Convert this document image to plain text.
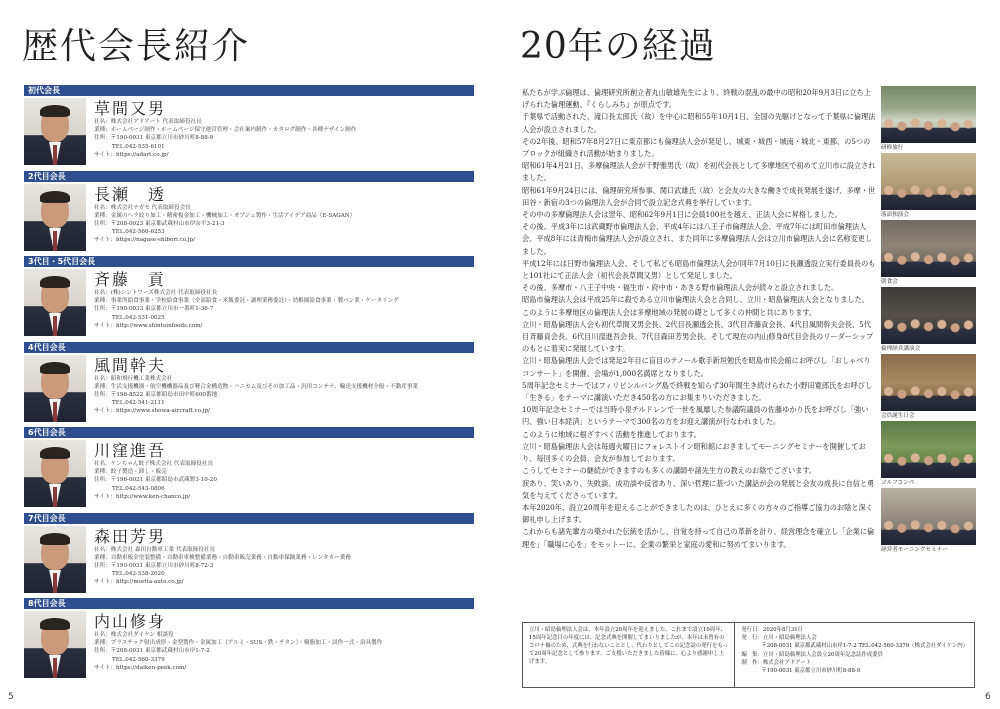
歴代会長紹介
初代会長
草間又男
社名：株式会社アドアート 代表取締役社長
業種：ホームページ制作・ホームページ保守運営管理・会社案内制作・カタログ制作・各種デザイン制作
住所：〒190-0031 東京都立川市砂川町8-88-9
TEL.042-535-6101
サイト：https://adart.co.jp/
2代目会長
長瀬　透
社名：株式会社ナガセ 代表取締役会長
業種：金属のヘラ絞り加工・精密板金加工・機械加工・オブジェ製作・生活アイデア商品（E-SAGAN）
住所：〒208-0023 東京都武蔵村山市伊奈平3-21-3
TEL.042-560-6253
サイト：https://nagase-shibori.co.jp/
3代目・5代目会長
斉藤　貢
社名：(株)シントワーズ株式会社 代表取締役社長
業種：事業所給食事業・学校給食事業（全部給食・米飯委託・調理業務委託）・幼稚園給食事業・製パン業・ケータリング
住所：〒190-0033 東京都立川市一番町1-36-7
TEL.042-531-0025
サイト：http://www.shintoinfoods.com/
4代目会長
風間幹夫
社名：昭和飛行機工業株式会社
業種：生活支援機器・航空機機器品及び軽合金構造物・ハニカム及びその加工品・汎用コンテナ、輸送支援機材全般・不動産事業
住所：〒196-8522 東京都昭島市田中町600番地
TEL.042-541-2111
サイト：https://www.showa-aircraft.co.jp/
6代目会長
川窪進吾
社名：ケンちゃん餃子株式会社 代表取締役社長
業種：餃子製造・卸し・販売
住所：〒196-0021 東京都昭島市武蔵野3-10-20
TEL.042-543-0806
サイト：http://www.ken-chanco.jp/
7代目会長
森田芳男
社名：株式会社 森田自動車工業 代表取締役社長
業種：自動車板金塗装整備・自動車車検整備業務・自動車販売業務・自動車保険業務・レンタカー業務
住所：〒190-0031 東京都立川市砂川町8-72-3
TEL.042-538-2020
サイト：http://morita-auto.co.jp/
8代目会長
内山修身
社名：株式会社ダイケン 相談役
業種：プラスチック射出成形・金型製作・金属加工（アルミ・SUS・鉄・チタン）・樹脂加工・試作一式・治具製作
住所：〒208-0031 東京都武蔵村山市岸1-7-2
TEL.042-560-3379
サイト：https://daiken-peek.com/
5
20年の経過

私たちが学ぶ倫理は、倫理研究所創立者丸山敏雄先生により、終戦の混乱の最中の昭和20年9月3日に立ち上げられた倫理運動、『くらしみち』が原点です。

千葉県で活動された、滝口長太郎氏（故）を中心に昭和55年10月1日、全国の先駆けとなって千葉県に倫理法人会が設立されました。

その2年後、昭和57年8月27日に東京都にも倫理法人会が発足し、城東・城西・城南・城北・東都、の5つのブロックが組織され活動が始まりました。

昭和61年4月21日、多摩倫理法人会が千野雅男氏（故）を初代会長として多摩地区で初めて立川市に設立されました。

昭和61年9月24日には、倫理研究所参事、関口武雄氏（故）と会友の大きな働きで成長発展を遂げ、多摩・世田谷・新宿の3つの倫理法人会が合同で設立記念式典を挙行しています。

その中の多摩倫理法人会は翌年、昭和62年9月1日に会員100社を越え、正法人会に昇格しました。

その後、平成3年には武蔵野市倫理法人会、平成4年には八王子市倫理法人会、平成7年には町田市倫理法人会、平成8年には青梅市倫理法人会が設立され、また同年に多摩倫理法人会は立川市倫理法人会に名称変更しました。

平成12年には日野市倫理法人会、そして私ども昭島市倫理法人会が同年7月10日に長瀬透設立実行委員長のもと101社にて正法人会（初代会長草間又男）として発足しました。

その後、多摩市・八王子中央・福生市・府中市・あきる野市倫理法人会が続々と設立されました。

昭島市倫理法人会は平成25年に殺である立川市倫理法人会と合同し、立川・昭島倫理法人会となりました。

このように多摩地区の倫理法人会は多摩地域の発展の礎として多くの仲間と共にあります。

立川・昭島倫理法人会も初代草間又男会長、2代目長瀬透会長、3代目斉藤貢会長、4代目風間幹夫会長、5代目斉藤貢会長、6代目川窪進吾会長、7代目森田芳男会長、そして現在の内山修身8代目会長のリーダーシップのもとに着実に発展しています。

立川・昭島倫理法人会では発足2年目に盲目のテノール歌手新垣勉氏を昭島市民会館にお呼びし「おしゃべりコンサート」を開催、会場が1,000名満席となりました。

5周年記念セミナーではフィリピンルバング島で終戦を知らず30年間生き続けられた小野田寛郎氏をお呼びし「生きる」をテーマに講演いただき450名の方にお集まりいただきました。

10周年記念セミナーでは当時小泉チルドレンで一世を風靡した参議院議員の佐藤ゆかり氏をお呼びし「強い円、強い日本経済」というテーマで300名の方をお迎え講演が行なわれました。

このように地域に根ざすべく活動を推進しております。

立川・昭島倫理法人会は毎週火曜日にフォレストイン昭和館におきましてモーニングセミナーを開催しており、毎回多くの会員、会友が参加しております。

こうしてセミナーの継続ができますのも多くの講師や諸先生方の教えのお陰でございます。

涙あり、笑いあり、失敗談、成功談や反省あり、深い哲理に基づいた講話が会の発展と会友の成長に自信と勇気を与えてくださっています。

本年2020年、設立20周年を迎えることができましたのは、ひとえに多くの方々のご指導ご協力のお陰と深く御礼申し上げます。

これからも諸先輩方の築かれた伝統を活かし、自覚を持って自己の革新を計り、経営理念を確立し「企業に倫理を」「職場に心を」をモットーに、企業の繁栄と家庭の愛和に努めてまいります。

研修旅行
落語独演会
朝食会
倫理経営講演会
会員誕生日会
ゴルフコンペ
経営者モーニングセミナー
立川・昭島倫理法人会は、本年設立20周年を迎えました。これまで設立10周年、15周年記念日の年度には、記念式典を開催してまいりましたが、本年は未曾有のコロナ禍のため、式典を行わないこととし、代わりとしてこの記念誌の発行をもって20周年記念として参ります。ご支援いただきました皆様に、心より感謝申し上げます。
発行日：2020年8月31日
発　行：立川・昭島倫理法人会
〒208-0031 東京都武蔵村山市岸1-7-2 TEL.042-560-3379（株式会社ダイケン内）
編　集：立川・昭島倫理法人会設立20周年記念誌作成委員
制　作：株式会社アドアート
〒190-0031 東京都立川市砂川町8-88-9
6
